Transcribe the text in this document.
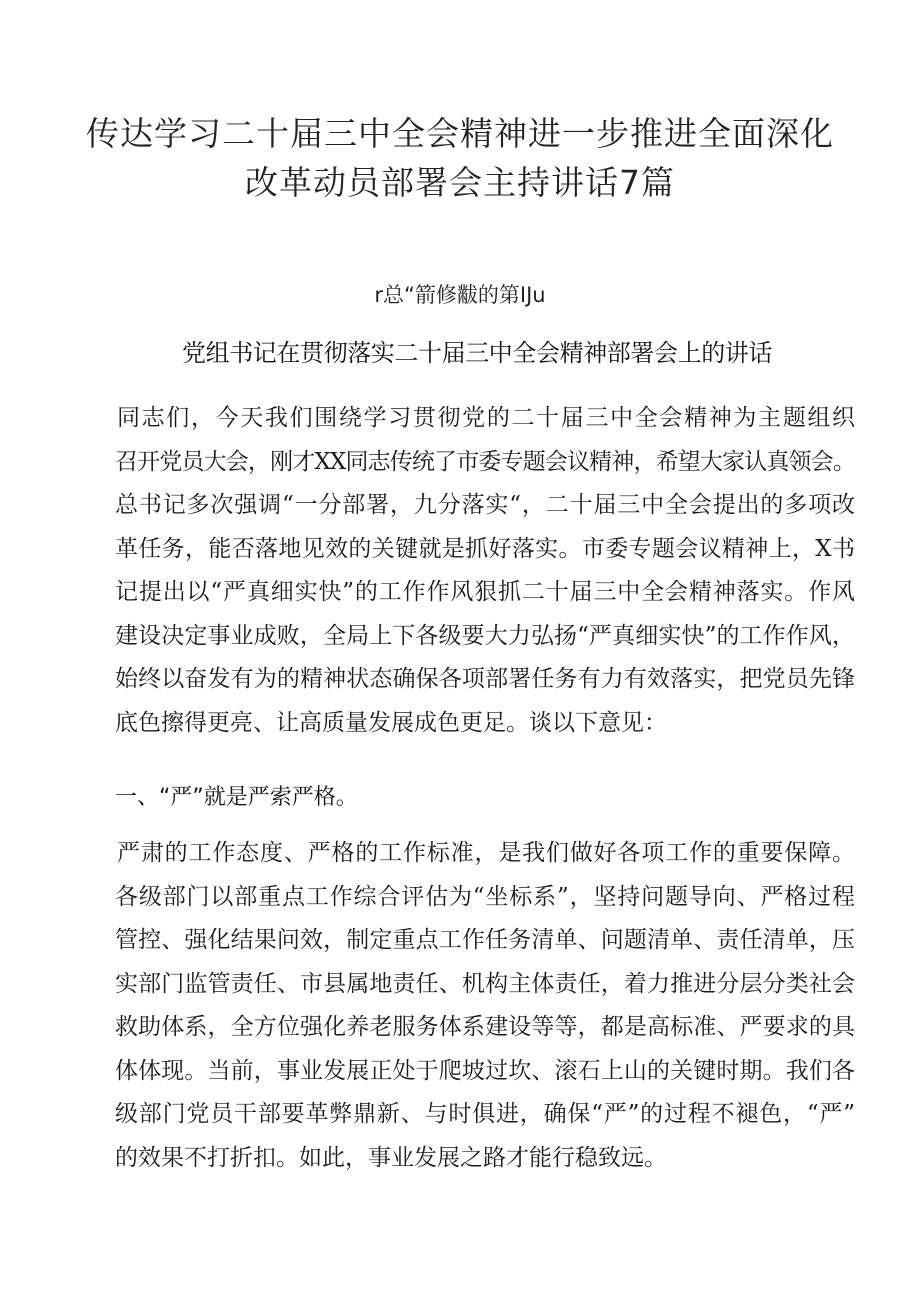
传达学习二十届三中全会精神进一步推进全面深化
改革动员部署会主持讲话7篇
r总“箭修黻的第IJu
党组书记在贯彻落实二十届三中全会精神部署会上的讲话
同志们，今天我们围绕学习贯彻党的二十届三中全会精神为主题组织
召开党员大会，刚才XX同志传统了市委专题会议精神，希望大家认真领会。
总书记多次强调“一分部署，九分落实“，二十届三中全会提出的多项改
革任务，能否落地见效的关键就是抓好落实。市委专题会议精神上，X书
记提出以“严真细实快”的工作作风狠抓二十届三中全会精神落实。作风
建设决定事业成败，全局上下各级要大力弘扬“严真细实快”的工作作风，
始终以奋发有为的精神状态确保各项部署任务有力有效落实，把党员先锋
底色擦得更亮、让高质量发展成色更足。谈以下意见：
一、“严”就是严索严格。
严肃的工作态度、严格的工作标准，是我们做好各项工作的重要保障。
各级部门以部重点工作综合评估为“坐标系”，坚持问题导向、严格过程
管控、强化结果问效，制定重点工作任务清单、问题清单、责任清单，压
实部门监管责任、市县属地责任、机构主体责任，着力推进分层分类社会
救助体系，全方位强化养老服务体系建设等等，都是高标准、严要求的具
体体现。当前，事业发展正处于爬坡过坎、滚石上山的关键时期。我们各
级部门党员干部要革弊鼎新、与时俱进，确保“严”的过程不褪色，“严”
的效果不打折扣。如此，事业发展之路才能行稳致远。
